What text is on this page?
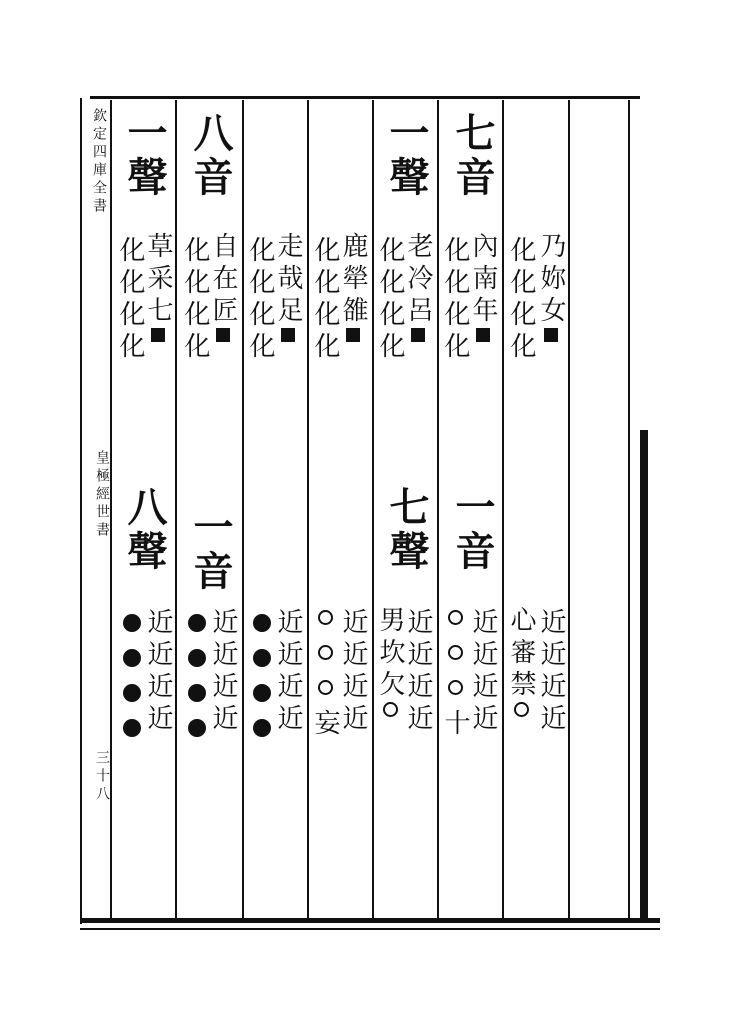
欽定四庫全書
皇極經世書
三十八
乃妳女
化化化化
近近近近
心審禁
七音
內南年
化化化化
一音
近近近近
十
一聲
老冷呂
化化化化
七聲
近近近近
男坎欠
鹿犖雒
化化化化
近近近近
妄
走哉足
化化化化
近近近近
八音
自在匠
化化化化
一音
近近近近
一聲
草采七
化化化化
八聲
近近近近
